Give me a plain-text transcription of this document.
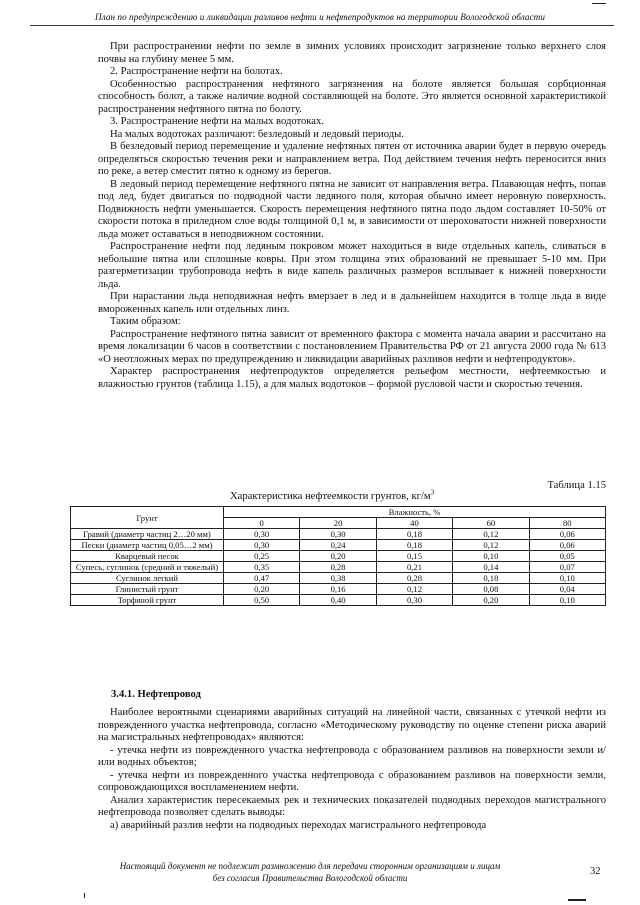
План по предупреждению и ликвидации разливов нефти и нефтепродуктов на территории Вологодской области

При распространении нефти по земле в зимних условиях происходит загрязнение только верхнего слоя почвы на глубину менее 5 мм.

2. Распространение нефти на болотах.

Особенностью распространения нефтяного загрязнения на болоте является большая сорбционная способность болот, а также наличие водной составляющей на болоте. Это является основной характеристикой распространения нефтяного пятна по болоту.

3. Распространение нефти на малых водотоках.

На малых водотоках различают: безледовый и ледовый периоды.

В безледовый период перемещение и удаление нефтяных пятен от источника аварии будет в первую очередь определяться скоростью течения реки и направлением ветра. Под действием течения нефть переносится вниз по реке, а ветер сместит пятно к одному из берегов.

В ледовый период перемещение нефтяного пятна не зависит от направления ветра. Плавающая нефть, попав под лед, будет двигаться по подводной части ледяного поля, которая обычно имеет неровную поверхность. Подвижность нефти уменьшается. Скорость перемещения нефтяного пятна подо льдом составляет 10-50% от скорости потока в приледном слое воды толщиной 0,1 м, в зависимости от шероховатости нижней поверхности льда может оставаться в неподвижном состоянии.

Распространение нефти под ледяным покровом может находиться в виде отдельных капель, сливаться в небольшие пятна или сплошные ковры. При этом толщина этих образований не превышает 5-10 мм. При разгерметизации трубопровода нефть в виде капель различных размеров всплывает к нижней поверхности льда.

При нарастании льда неподвижная нефть вмерзает в лед и в дальнейшем находится в толще льда в виде вмороженных капель или отдельных линз.

Таким образом:

Распространение нефтяного пятна зависит от временного фактора с момента начала аварии и рассчитано на время локализации 6 часов в соответствии с постановлением Правительства РФ от 21 августа 2000 года № 613 «О неотложных мерах по предупреждению и ликвидации аварийных разливов нефти и нефтепродуктов».

Характер распространения нефтепродуктов определяется рельефом местности, нефтеемкостью и влажностью грунтов (таблица 1.15), а для малых водотоков – формой русловой части и скоростью течения.

Таблица 1.15
Характеристика нефтеемкости грунтов, $кг/м^3$
Грунт	Влажность, %				
	0	20	40	60	80
Гравий (диаметр частиц 2…20 мм)	0,30	0,30	0,18	0,12	0,06
Пески (диаметр частиц 0,05…2 мм)	0,30	0,24	0,18	0,12	0,06
Кварцевый песок	0,25	0,20	0,15	0,10	0,05
Супесь, суглинок (средний и тяжелый)	0,35	0,28	0,21	0,14	0,07
Суглинок легкий	0,47	0,38	0,28	0,18	0,10
Глинистый грунт	0,20	0,16	0,12	0,08	0,04
Торфяной грунт	0,50	0,40	0,30	0,20	0,10
3.4.1. Нефтепровод

Наиболее вероятными сценариями аварийных ситуаций на линейной части, связанных с утечкой нефти из поврежденного участка нефтепровода, согласно «Методическому руководству по оценке степени риска аварий на магистральных нефтепроводах» являются:

- утечка нефти из поврежденного участка нефтепровода с образованием разливов на поверхности земли и/или водных объектов;

- утечка нефти из поврежденного участка нефтепровода с образованием разливов на поверхности земли, сопровождающихся воспламенением нефти.

Анализ характеристик пересекаемых рек и технических показателей подводных переходов магистрального нефтепровода позволяет сделать выводы:

а) аварийный разлив нефти на подводных переходах магистрального нефтепровода

Настоящий документ не подлежит размножению для передачи сторонним организациям и лицам
без согласия Правительства Вологодской области
32
